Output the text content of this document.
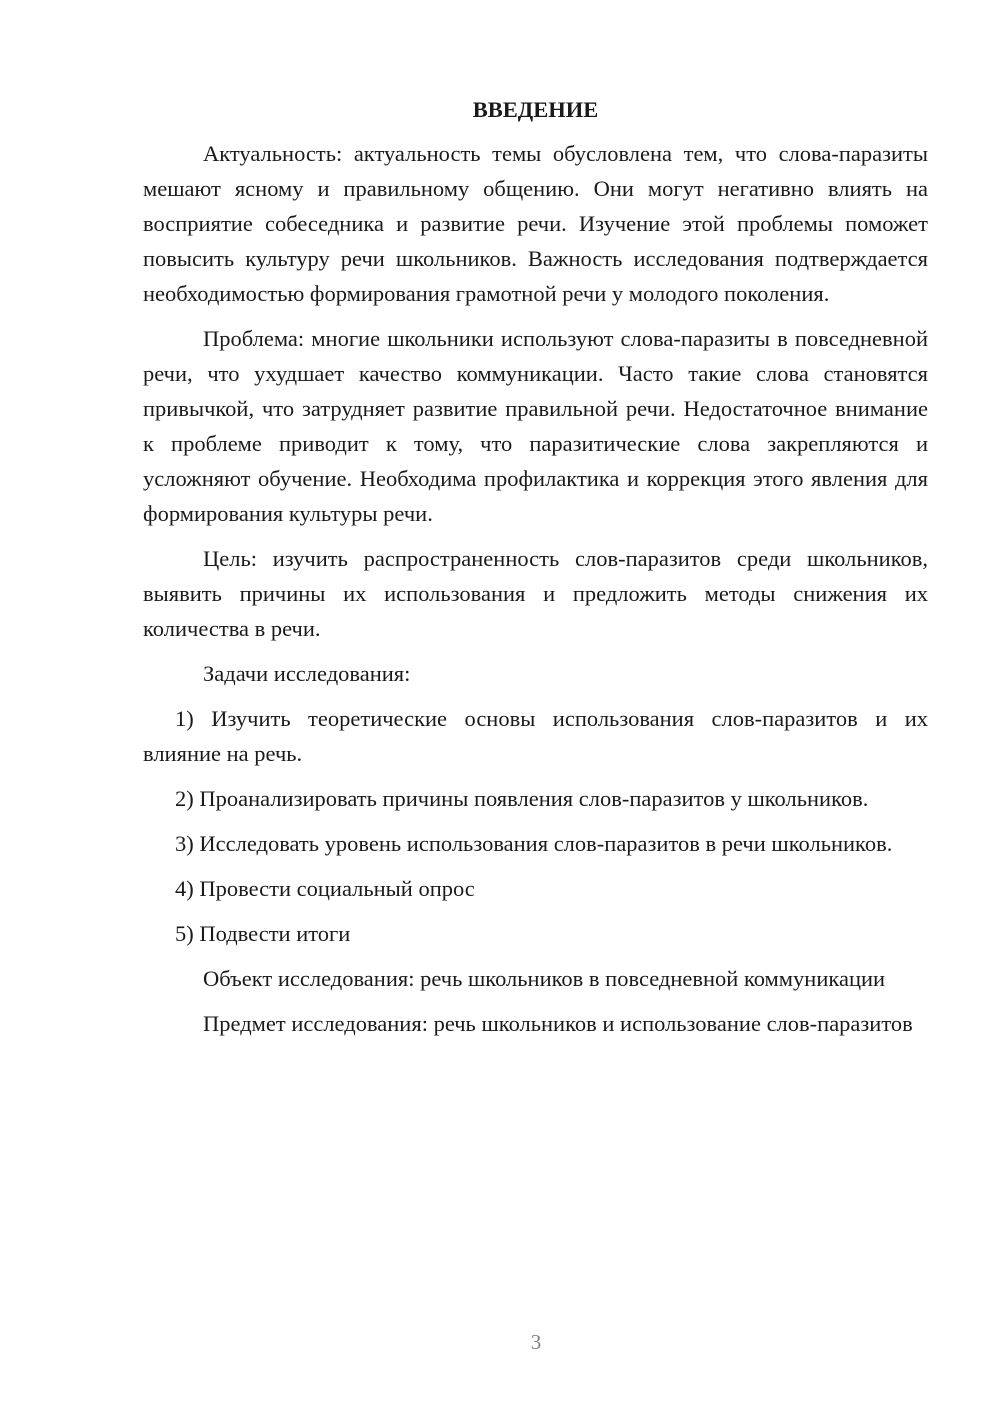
ВВЕДЕНИЕ

Актуальность: актуальность темы обусловлена тем, что слова-паразиты мешают ясному и правильному общению. Они могут негативно влиять на восприятие собеседника и развитие речи. Изучение этой проблемы поможет повысить культуру речи школьников. Важность исследования подтверждается необходимостью формирования грамотной речи у молодого поколения.

Проблема: многие школьники используют слова-паразиты в повседневной речи, что ухудшает качество коммуникации. Часто такие слова становятся привычкой, что затрудняет развитие правильной речи. Недостаточное внимание к проблеме приводит к тому, что паразитические слова закрепляются и усложняют обучение. Необходима профилактика и коррекция этого явления для формирования культуры речи.

Цель: изучить распространенность слов-паразитов среди школьников, выявить причины их использования и предложить методы снижения их количества в речи.

Задачи исследования:

1) Изучить теоретические основы использования слов-паразитов и их влияние на речь.

2) Проанализировать причины появления слов-паразитов у школьников.

3) Исследовать уровень использования слов-паразитов в речи школьников.

4) Провести социальный опрос

5) Подвести итоги

Объект исследования: речь школьников в повседневной коммуникации

Предмет исследования: речь школьников и использование слов-паразитов

3
